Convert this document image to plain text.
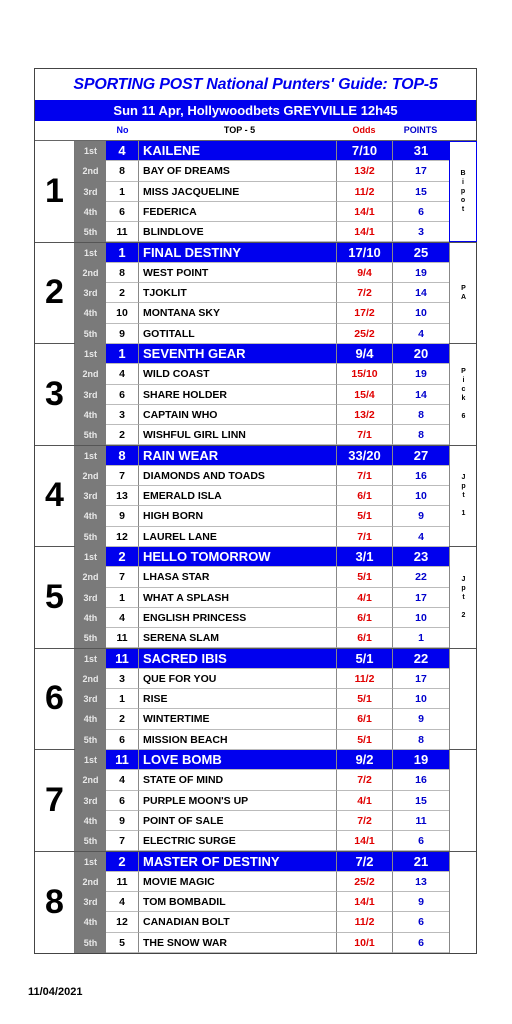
SPORTING POST National Punters' Guide: TOP-5
Sun 11 Apr, Hollywoodbets GREYVILLE 12h45
No	TOP - 5	Odds	POINTS
1
1st	4	KAILENE	7/10	31
2nd	8	BAY OF DREAMS	13/2	17
3rd	1	MISS JACQUELINE	11/2	15
4th	6	FEDERICA	14/1	6
5th	11	BLINDLOVE	14/1	3
B
i
p
o
t
2
1st	1	FINAL DESTINY	17/10	25
2nd	8	WEST POINT	9/4	19
3rd	2	TJOKLIT	7/2	14
4th	10	MONTANA SKY	17/2	10
5th	9	GOTITALL	25/2	4
P
A
3
1st	1	SEVENTH GEAR	9/4	20
2nd	4	WILD COAST	15/10	19
3rd	6	SHARE HOLDER	15/4	14
4th	3	CAPTAIN WHO	13/2	8
5th	2	WISHFUL GIRL LINN	7/1	8
P
i
c
k
6
4
1st	8	RAIN WEAR	33/20	27
2nd	7	DIAMONDS AND TOADS	7/1	16
3rd	13	EMERALD ISLA	6/1	10
4th	9	HIGH BORN	5/1	9
5th	12	LAUREL LANE	7/1	4
J
p
t
1
5
1st	2	HELLO TOMORROW	3/1	23
2nd	7	LHASA STAR	5/1	22
3rd	1	WHAT A SPLASH	4/1	17
4th	4	ENGLISH PRINCESS	6/1	10
5th	11	SERENA SLAM	6/1	1
J
p
t
2
6
1st	11	SACRED IBIS	5/1	22
2nd	3	QUE FOR YOU	11/2	17
3rd	1	RISE	5/1	10
4th	2	WINTERTIME	6/1	9
5th	6	MISSION BEACH	5/1	8
7
1st	11	LOVE BOMB	9/2	19
2nd	4	STATE OF MIND	7/2	16
3rd	6	PURPLE MOON'S UP	4/1	15
4th	9	POINT OF SALE	7/2	11
5th	7	ELECTRIC SURGE	14/1	6
8
1st	2	MASTER OF DESTINY	7/2	21
2nd	11	MOVIE MAGIC	25/2	13
3rd	4	TOM BOMBADIL	14/1	9
4th	12	CANADIAN BOLT	11/2	6
5th	5	THE SNOW WAR	10/1	6
11/04/2021
